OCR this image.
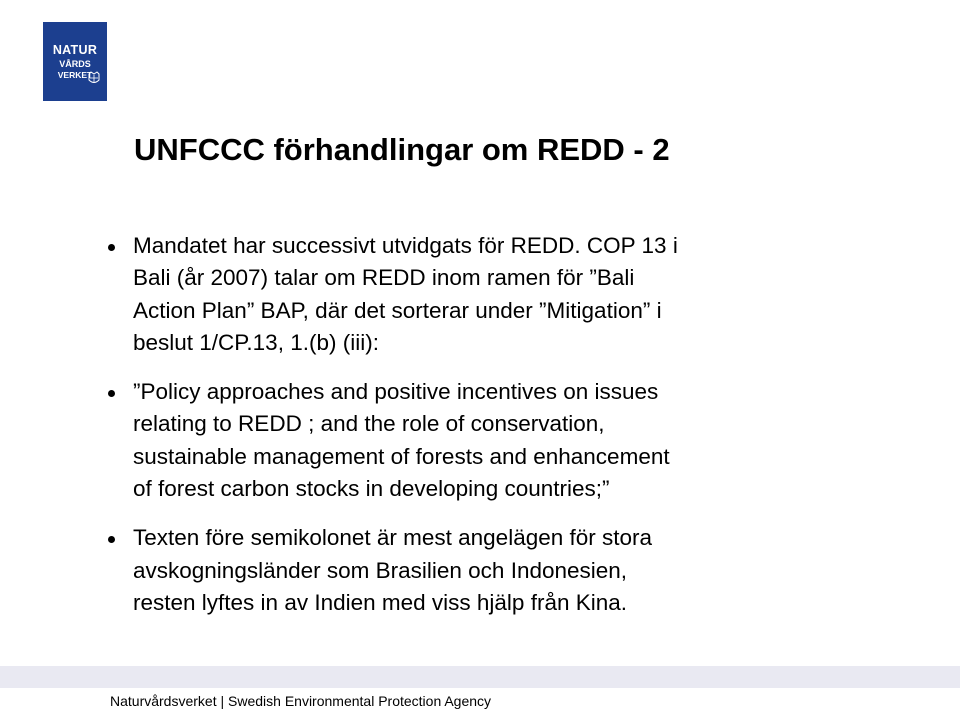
NATUR
VÅRDS
VERKET
UNFCCC förhandlingar om REDD - 2
Mandatet har successivt utvidgats för REDD. COP 13 i
Bali (år 2007) talar om REDD inom ramen för ”Bali
Action Plan” BAP, där det sorterar under ”Mitigation” i
beslut 1/CP.13, 1.(b) (iii):
”Policy approaches and positive incentives on issues
relating to REDD ; and the role of conservation,
sustainable management of forests and enhancement
of forest carbon stocks in developing countries;”
Texten före semikolonet är mest angelägen för stora
avskogningsländer som Brasilien och Indonesien,
resten lyftes in av Indien med viss hjälp från Kina.
Naturvårdsverket | Swedish Environmental Protection Agency
